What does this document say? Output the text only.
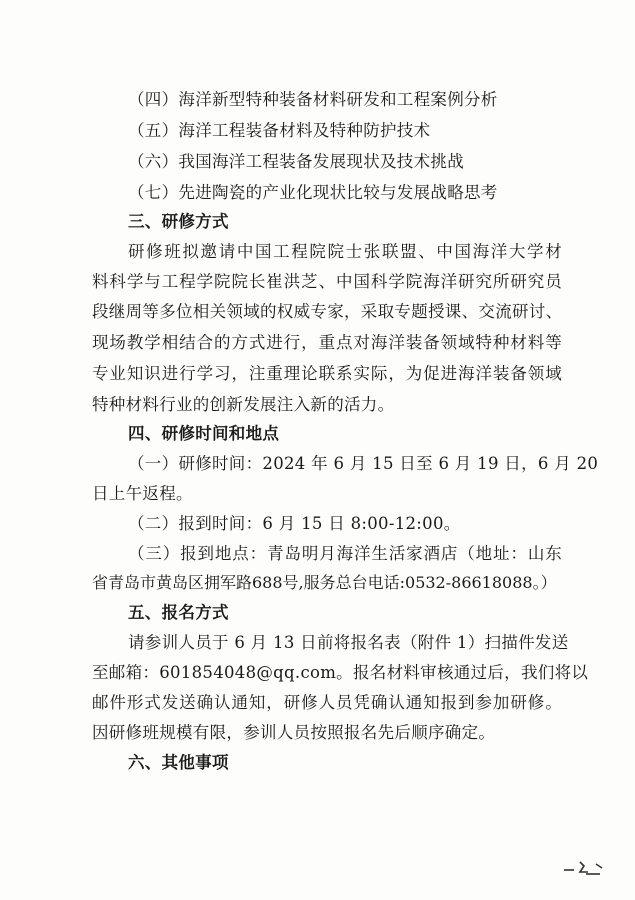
（四）海洋新型特种装备材料研发和工程案例分析
（五）海洋工程装备材料及特种防护技术
（六）我国海洋工程装备发展现状及技术挑战
（七）先进陶瓷的产业化现状比较与发展战略思考
三、研修方式
研修班拟邀请中国工程院院士张联盟、中国海洋大学材
料科学与工程学院院长崔洪芝、中国科学院海洋研究所研究员
段继周等多位相关领域的权威专家，采取专题授课、交流研讨、
现场教学相结合的方式进行，重点对海洋装备领域特种材料等
专业知识进行学习，注重理论联系实际，为促进海洋装备领域
特种材料行业的创新发展注入新的活力。
四、研修时间和地点
（一）研修时间：2024 年 6 月 15 日至 6 月 19 日，6 月 20
日上午返程。
（二）报到时间：6 月 15 日 8:00-12:00。
（三）报到地点：青岛明月海洋生活家酒店（地址：山东
省青岛市黄岛区拥军路688号,服务总台电话:0532-86618088。）
五、报名方式
请参训人员于 6 月 13 日前将报名表（附件 1）扫描件发送
至邮箱：601854048@qq.com。报名材料审核通过后，我们将以
邮件形式发送确认通知，研修人员凭确认通知报到参加研修。
因研修班规模有限，参训人员按照报名先后顺序确定。
六、其他事项
